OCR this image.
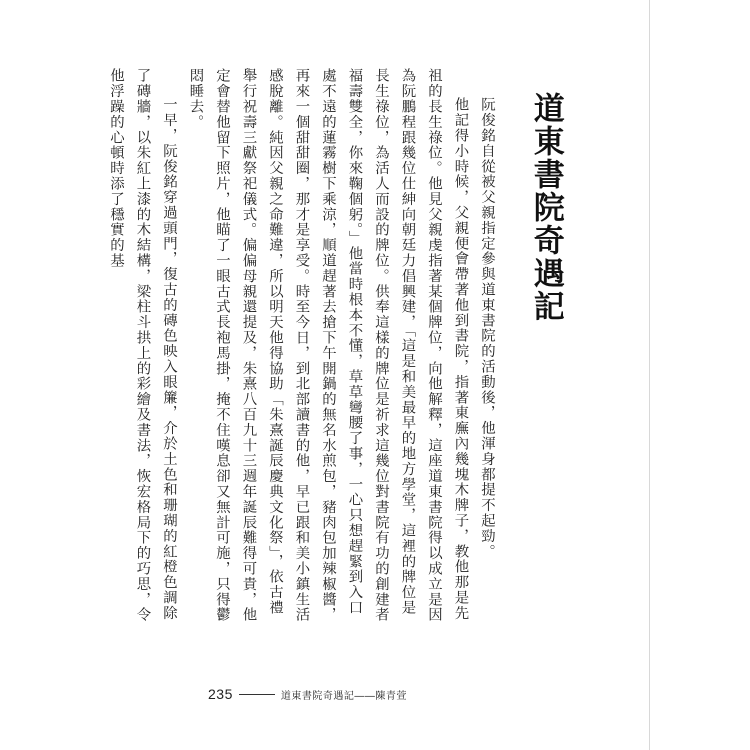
道東書院奇遇記

阮俊銘自從被父親指定參與道東書院的活動後，他渾身都提不起勁。

他記得小時候，父親便會帶著他到書院，指著東廡內幾塊木牌子，教他那是先祖的長生祿位。他見父親虔指著某個牌位，向他解釋，這座道東書院得以成立是因為阮鵬程跟幾位仕紳向朝廷力倡興建，「這是和美最早的地方學堂，這裡的牌位是長生祿位，為活人而設的牌位。供奉這樣的牌位是祈求這幾位對書院有功的創建者福壽雙全，你來鞠個躬。」他當時根本不懂，草草彎腰了事，一心只想趕緊到入口處不遠的蓮霧樹下乘涼，順道趕著去搶下午開鍋的無名水煎包，豬肉包加辣椒醬，再來一個甜甜圈，那才是享受。時至今日，到北部讀書的他，早已跟和美小鎮生活感脫離。純因父親之命難違，所以明天他得協助「朱熹誕辰慶典文化祭」，依古禮舉行祝壽三獻祭祀儀式。偏偏母親還提及，朱熹八百九十三週年誕辰難得可貴，他定會替他留下照片，他瞄了一眼古式長袍馬掛，掩不住嘆息卻又無計可施，只得鬱悶睡去。

一早，阮俊銘穿過頭門，復古的磚色映入眼簾，介於土色和珊瑚的紅橙色調除了磚牆，以朱紅上漆的木結構，梁柱斗拱上的彩繪及書法，恢宏格局下的巧思，令他浮躁的心頓時添了穩實的基

235	道東書院奇遇記——陳青萱
